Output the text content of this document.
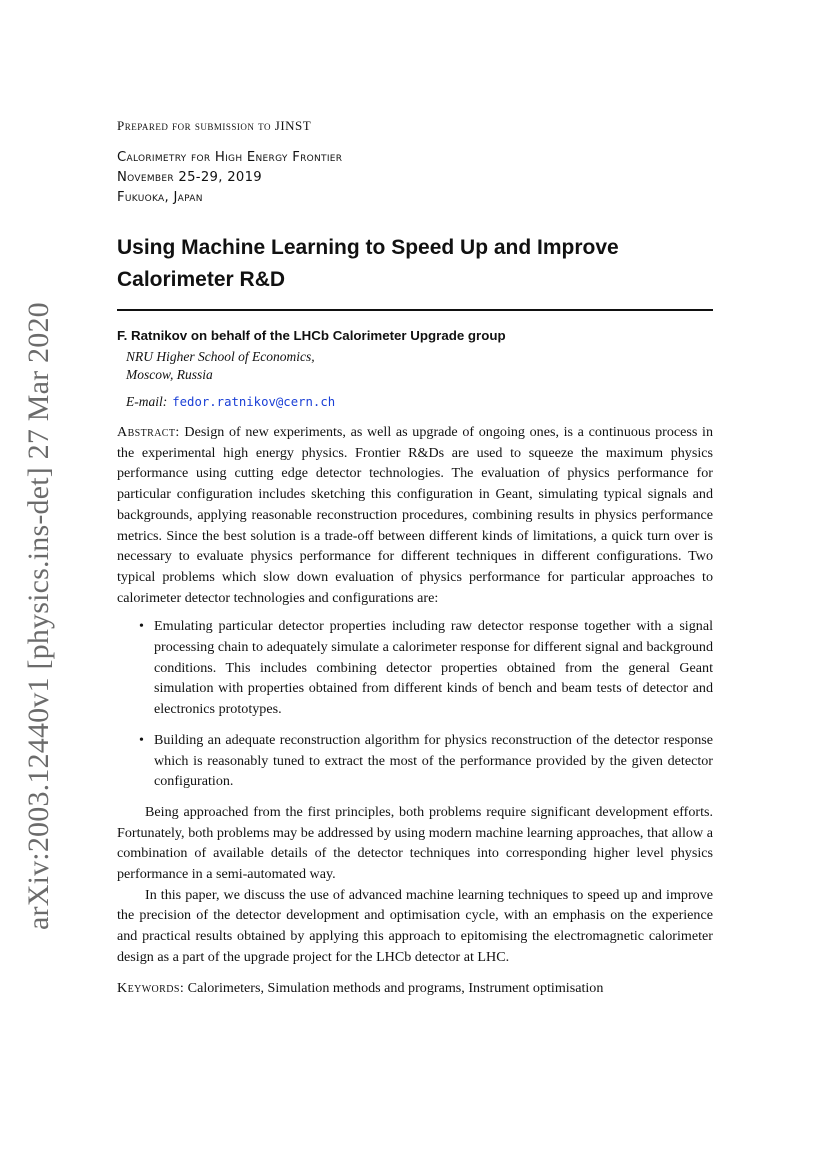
arXiv:2003.12440v1 [physics.ins-det] 27 Mar 2020
Prepared for submission to JINST
Calorimetry for High Energy Frontier
November 25-29, 2019
Fukuoka, Japan
Using Machine Learning to Speed Up and Improve
Calorimeter R&D
F. Ratnikov on behalf of the LHCb Calorimeter Upgrade group
NRU Higher School of Economics,
Moscow, Russia
E-mail: fedor.ratnikov@cern.ch
Abstract: Design of new experiments, as well as upgrade of ongoing ones, is a continuous process in the experimental high energy physics. Frontier R&Ds are used to squeeze the maximum physics performance using cutting edge detector technologies. The evaluation of physics performance for particular configuration includes sketching this configuration in Geant, simulating typical signals and backgrounds, applying reasonable reconstruction procedures, combining results in physics performance metrics. Since the best solution is a trade-off between different kinds of limitations, a quick turn over is necessary to evaluate physics performance for different techniques in different configurations. Two typical problems which slow down evaluation of physics performance for particular approaches to calorimeter detector technologies and configurations are:
• Emulating particular detector properties including raw detector response together with a signal processing chain to adequately simulate a calorimeter response for different signal and background conditions. This includes combining detector properties obtained from the general Geant simulation with properties obtained from different kinds of bench and beam tests of detector and electronics prototypes.
• Building an adequate reconstruction algorithm for physics reconstruction of the detector response which is reasonably tuned to extract the most of the performance provided by the given detector configuration.

Being approached from the first principles, both problems require significant development efforts. Fortunately, both problems may be addressed by using modern machine learning approaches, that allow a combination of available details of the detector techniques into corresponding higher level physics performance in a semi-automated way.

In this paper, we discuss the use of advanced machine learning techniques to speed up and improve the precision of the detector development and optimisation cycle, with an emphasis on the experience and practical results obtained by applying this approach to epitomising the electromagnetic calorimeter design as a part of the upgrade project for the LHCb detector at LHC.

Keywords: Calorimeters, Simulation methods and programs, Instrument optimisation
